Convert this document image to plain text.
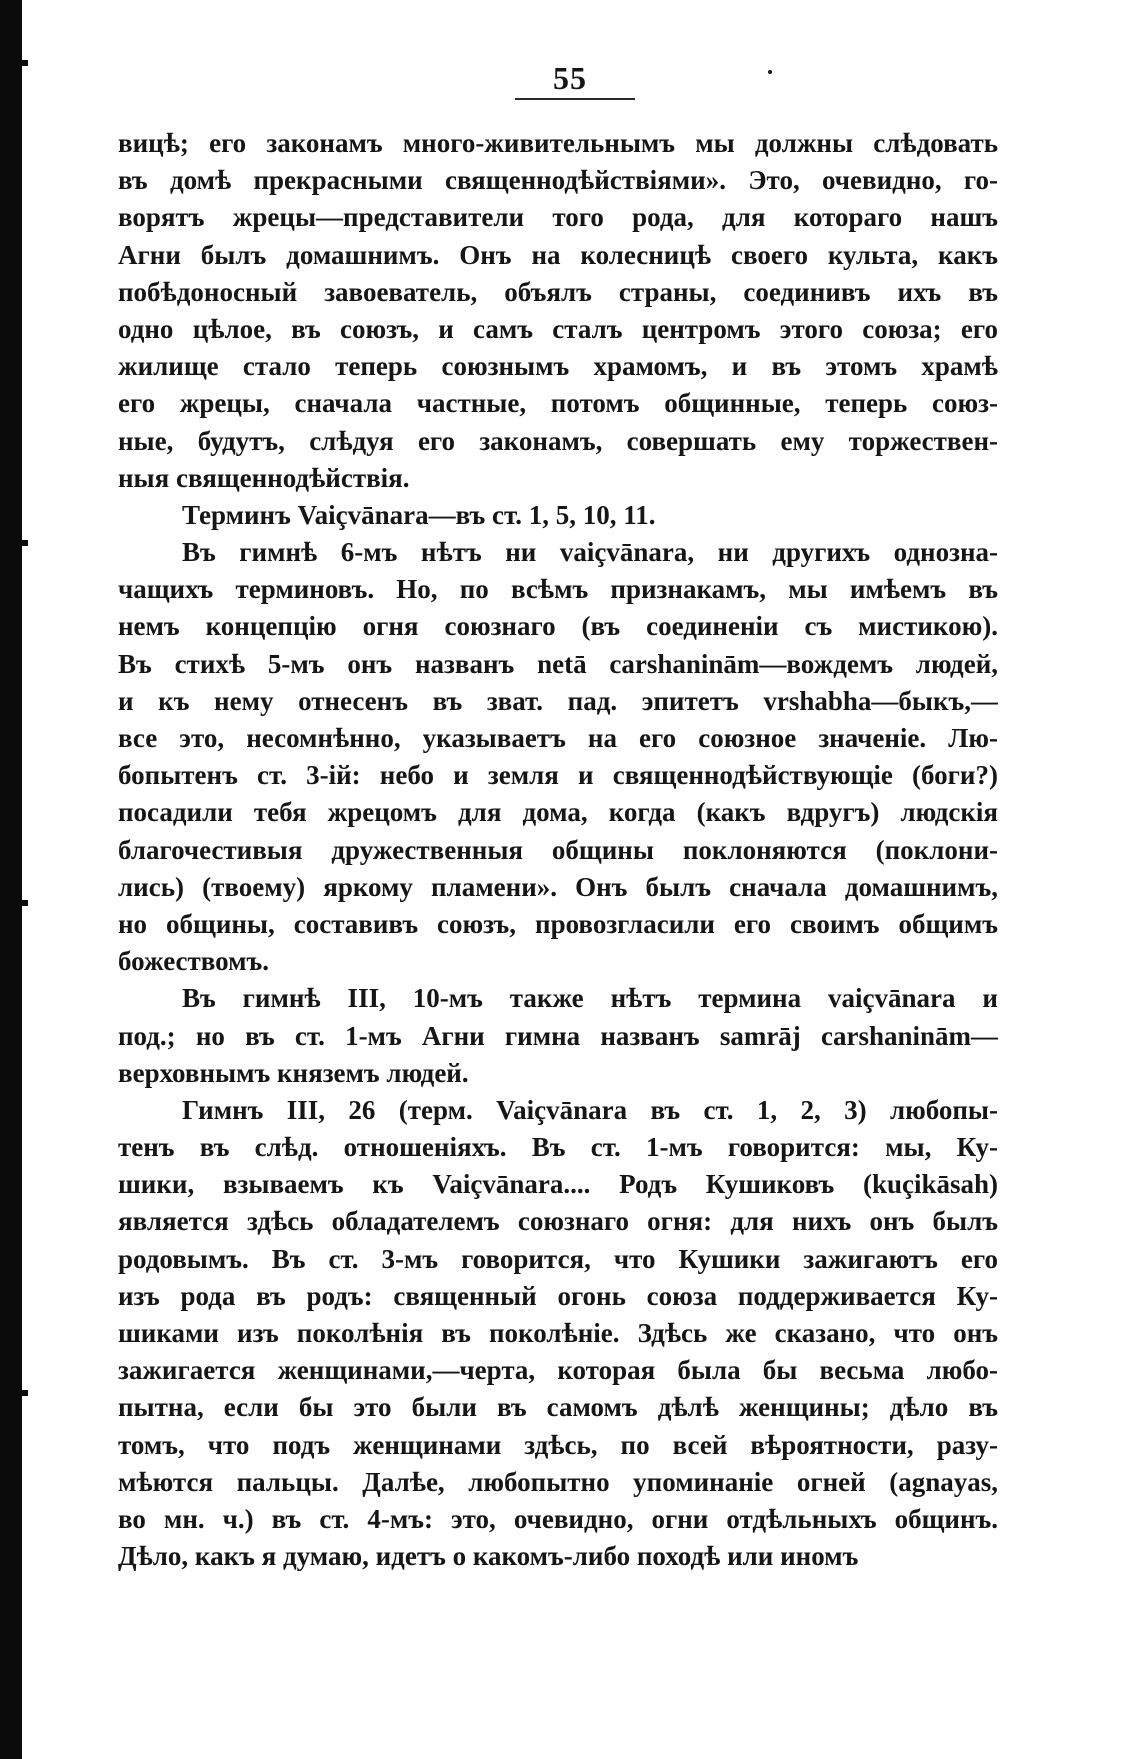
55
вицѣ; его законамъ много-живительнымъ мы должны слѣдовать
въ домѣ прекрасными священнодѣйствіями». Это, очевидно, го-
ворятъ жрецы—представители того рода, для котораго нашъ
Агни былъ домашнимъ. Онъ на колесницѣ своего культа, какъ
побѣдоносный завоеватель, объялъ страны, соединивъ ихъ въ
одно цѣлое, въ союзъ, и самъ сталъ центромъ этого союза; его
жилище стало теперь союзнымъ храмомъ, и въ этомъ храмѣ
его жрецы, сначала частные, потомъ общинные, теперь союз-
ные, будутъ, слѣдуя его законамъ, совершать ему торжествен-
ныя священнодѣйствія.
Терминъ Vaiçvānara—въ ст. 1, 5, 10, 11.
Въ гимнѣ 6-мъ нѣтъ ни vaiçvānara, ни другихъ однозна-
чащихъ терминовъ. Но, по всѣмъ признакамъ, мы имѣемъ въ
немъ концепцію огня союзнаго (въ соединеніи съ мистикою).
Въ стихѣ 5-мъ онъ названъ netā carshaninām—вождемъ людей,
и къ нему отнесенъ въ зват. пад. эпитетъ vrshabha—быкъ,—
все это, несомнѣнно, указываетъ на его союзное значеніе. Лю-
бопытенъ ст. 3-ій: небо и земля и священнодѣйствующіе (боги?)
посадили тебя жрецомъ для дома, когда (какъ вдругъ) людскія
благочестивыя дружественныя общины поклоняются (поклони-
лись) (твоему) яркому пламени». Онъ былъ сначала домашнимъ,
но общины, составивъ союзъ, провозгласили его своимъ общимъ
божествомъ.
Въ гимнѣ III, 10-мъ также нѣтъ термина vaiçvānara и
под.; но въ ст. 1-мъ Агни гимна названъ samrāj carshaninām—
верховнымъ княземъ людей.
Гимнъ III, 26 (терм. Vaiçvānara въ ст. 1, 2, 3) любопы-
тенъ въ слѣд. отношеніяхъ. Въ ст. 1-мъ говорится: мы, Ку-
шики, взываемъ къ Vaiçvānara.... Родъ Кушиковъ (kuçikāsah)
является здѣсь обладателемъ союзнаго огня: для нихъ онъ былъ
родовымъ. Въ ст. 3-мъ говорится, что Кушики зажигаютъ его
изъ рода въ родъ: священный огонь союза поддерживается Ку-
шиками изъ поколѣнія въ поколѣніе. Здѣсь же сказано, что онъ
зажигается женщинами,—черта, которая была бы весьма любо-
пытна, если бы это были въ самомъ дѣлѣ женщины; дѣло въ
томъ, что подъ женщинами здѣсь, по всей вѣроятности, разу-
мѣются пальцы. Далѣе, любопытно упоминаніе огней (agnayas,
во мн. ч.) въ ст. 4-мъ: это, очевидно, огни отдѣльныхъ общинъ.
Дѣло, какъ я думаю, идетъ о какомъ-либо походѣ или иномъ
